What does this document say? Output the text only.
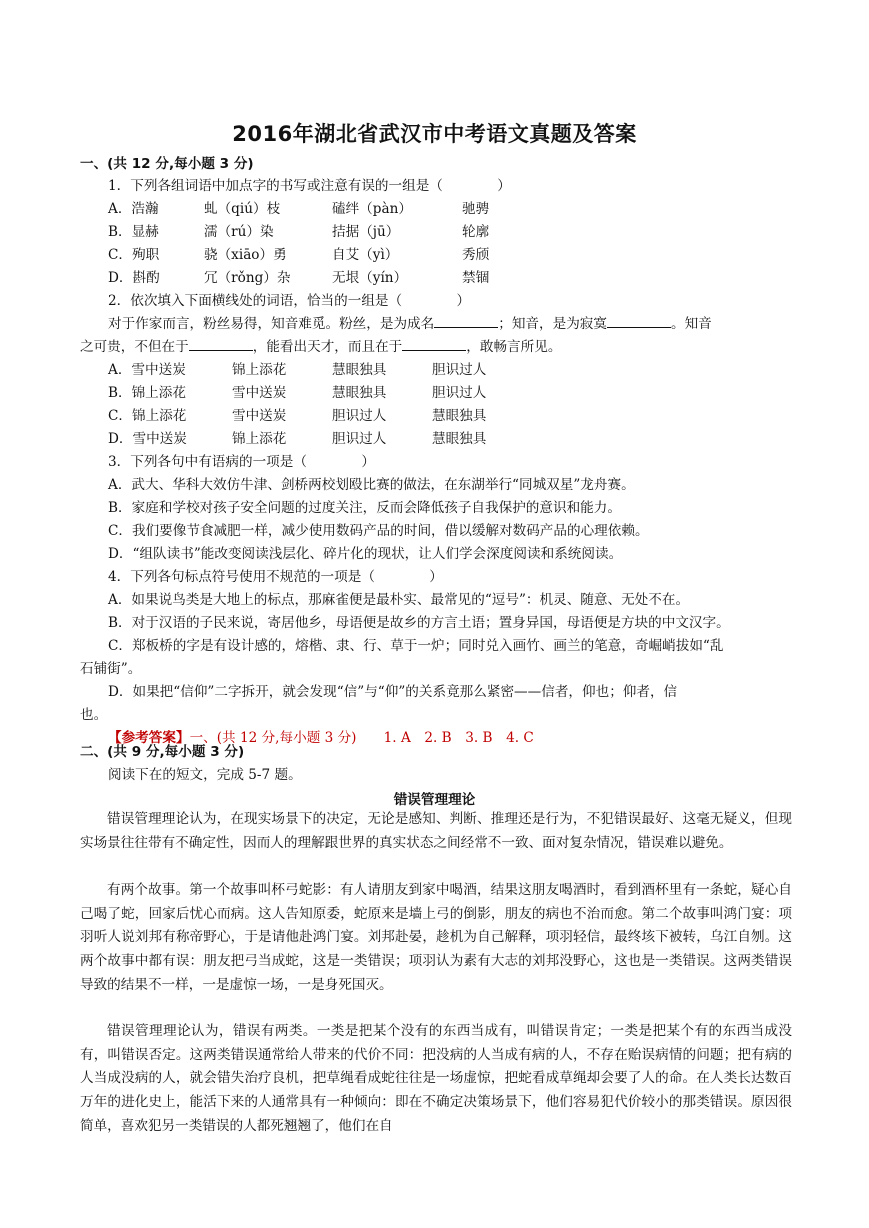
2016年湖北省武汉市中考语文真题及答案
一、(共 12 分,每小题 3 分)
1．下列各组词语中加点字的书写或注意有误的一组是（　　　　）
A．浩瀚	虬（qiú）枝	磕绊（pàn）	驰骋
B．显赫	濡（rú）染	拮据（jū）	轮廓
C．殉职	骁（xiāo）勇	自艾（yì）	秀颀
D．斟酌	冗（rǒng）杂	无垠（yín）	禁锢
2．依次填入下面横线处的词语，恰当的一组是（　　　　）
对于作家而言，粉丝易得，知音难觅。粉丝，是为成名	；知音，是为寂寞	。知音
之可贵，不但在于	，能看出天才，而且在于	，敢畅言所见。
A．雪中送炭	锦上添花	慧眼独具	胆识过人
B．锦上添花	雪中送炭	慧眼独具	胆识过人
C．锦上添花	雪中送炭	胆识过人	慧眼独具
D．雪中送炭	锦上添花	胆识过人	慧眼独具
3．下列各句中有语病的一项是（　　　　）
A．武大、华科大效仿牛津、剑桥两校划殴比赛的做法，在东湖举行“同城双星”龙舟赛。
B．家庭和学校对孩子安全问题的过度关注，反而会降低孩子自我保护的意识和能力。
C．我们要像节食减肥一样，减少使用数码产品的时间，借以缓解对数码产品的心理依赖。
D．“组队读书”能改变阅读浅层化、碎片化的现状，让人们学会深度阅读和系统阅读。
4．下列各句标点符号使用不规范的一项是（　　　　）
A．如果说鸟类是大地上的标点，那麻雀便是最朴实、最常见的“逗号”：机灵、随意、无处不在。
B．对于汉语的子民来说，寄居他乡，母语便是故乡的方言土语；置身异国，母语便是方块的中文汉字。
C．郑板桥的字是有设计感的，熔楷、隶、行、草于一炉；同时兑入画竹、画兰的笔意，奇崛峭拔如“乱
石铺街”。
D．如果把“信仰”二字拆开，就会发现“信”与“仰”的关系竟那么紧密——信者，仰也；仰者，信
也。
【参考答案】一、(共 12 分,每小题 3 分)　　1. A　2. B　3. B　4. C
二、(共 9 分,每小题 3 分)
阅读下在的短文，完成 5-7 题。
错误管理理论
错误管理理论认为，在现实场景下的决定，无论是感知、判断、推理还是行为，不犯错误最好、这毫无疑义，但现实场景往往带有不确定性，因而人的理解跟世界的真实状态之间经常不一致、面对复杂情况，错误难以避免。
有两个故事。第一个故事叫杯弓蛇影：有人请朋友到家中喝酒，结果这朋友喝酒时，看到酒杯里有一条蛇，疑心自己喝了蛇，回家后忧心而病。这人告知原委，蛇原来是墙上弓的倒影，朋友的病也不治而愈。第二个故事叫鸿门宴：项羽听人说刘邦有称帝野心，于是请他赴鸿门宴。刘邦赴晏，趁机为自己解释，项羽轻信，最终垓下被转，乌江自刎。这两个故事中都有误：朋友把弓当成蛇，这是一类错误；项羽认为素有大志的刘邦没野心，这也是一类错误。这两类错误导致的结果不一样，一是虚惊一场，一是身死国灭。
错误管理理论认为，错误有两类。一类是把某个没有的东西当成有，叫错误肯定；一类是把某个有的东西当成没有，叫错误否定。这两类错误通常给人带来的代价不同：把没病的人当成有病的人，不存在贻误病情的问题；把有病的人当成没病的人，就会错失治疗良机，把草绳看成蛇往往是一场虚惊，把蛇看成草绳却会要了人的命。在人类长达数百万年的进化史上，能活下来的人通常具有一种倾向：即在不确定决策场景下，他们容易犯代价较小的那类错误。原因很简单，喜欢犯另一类错误的人都死翘翘了，他们在自
